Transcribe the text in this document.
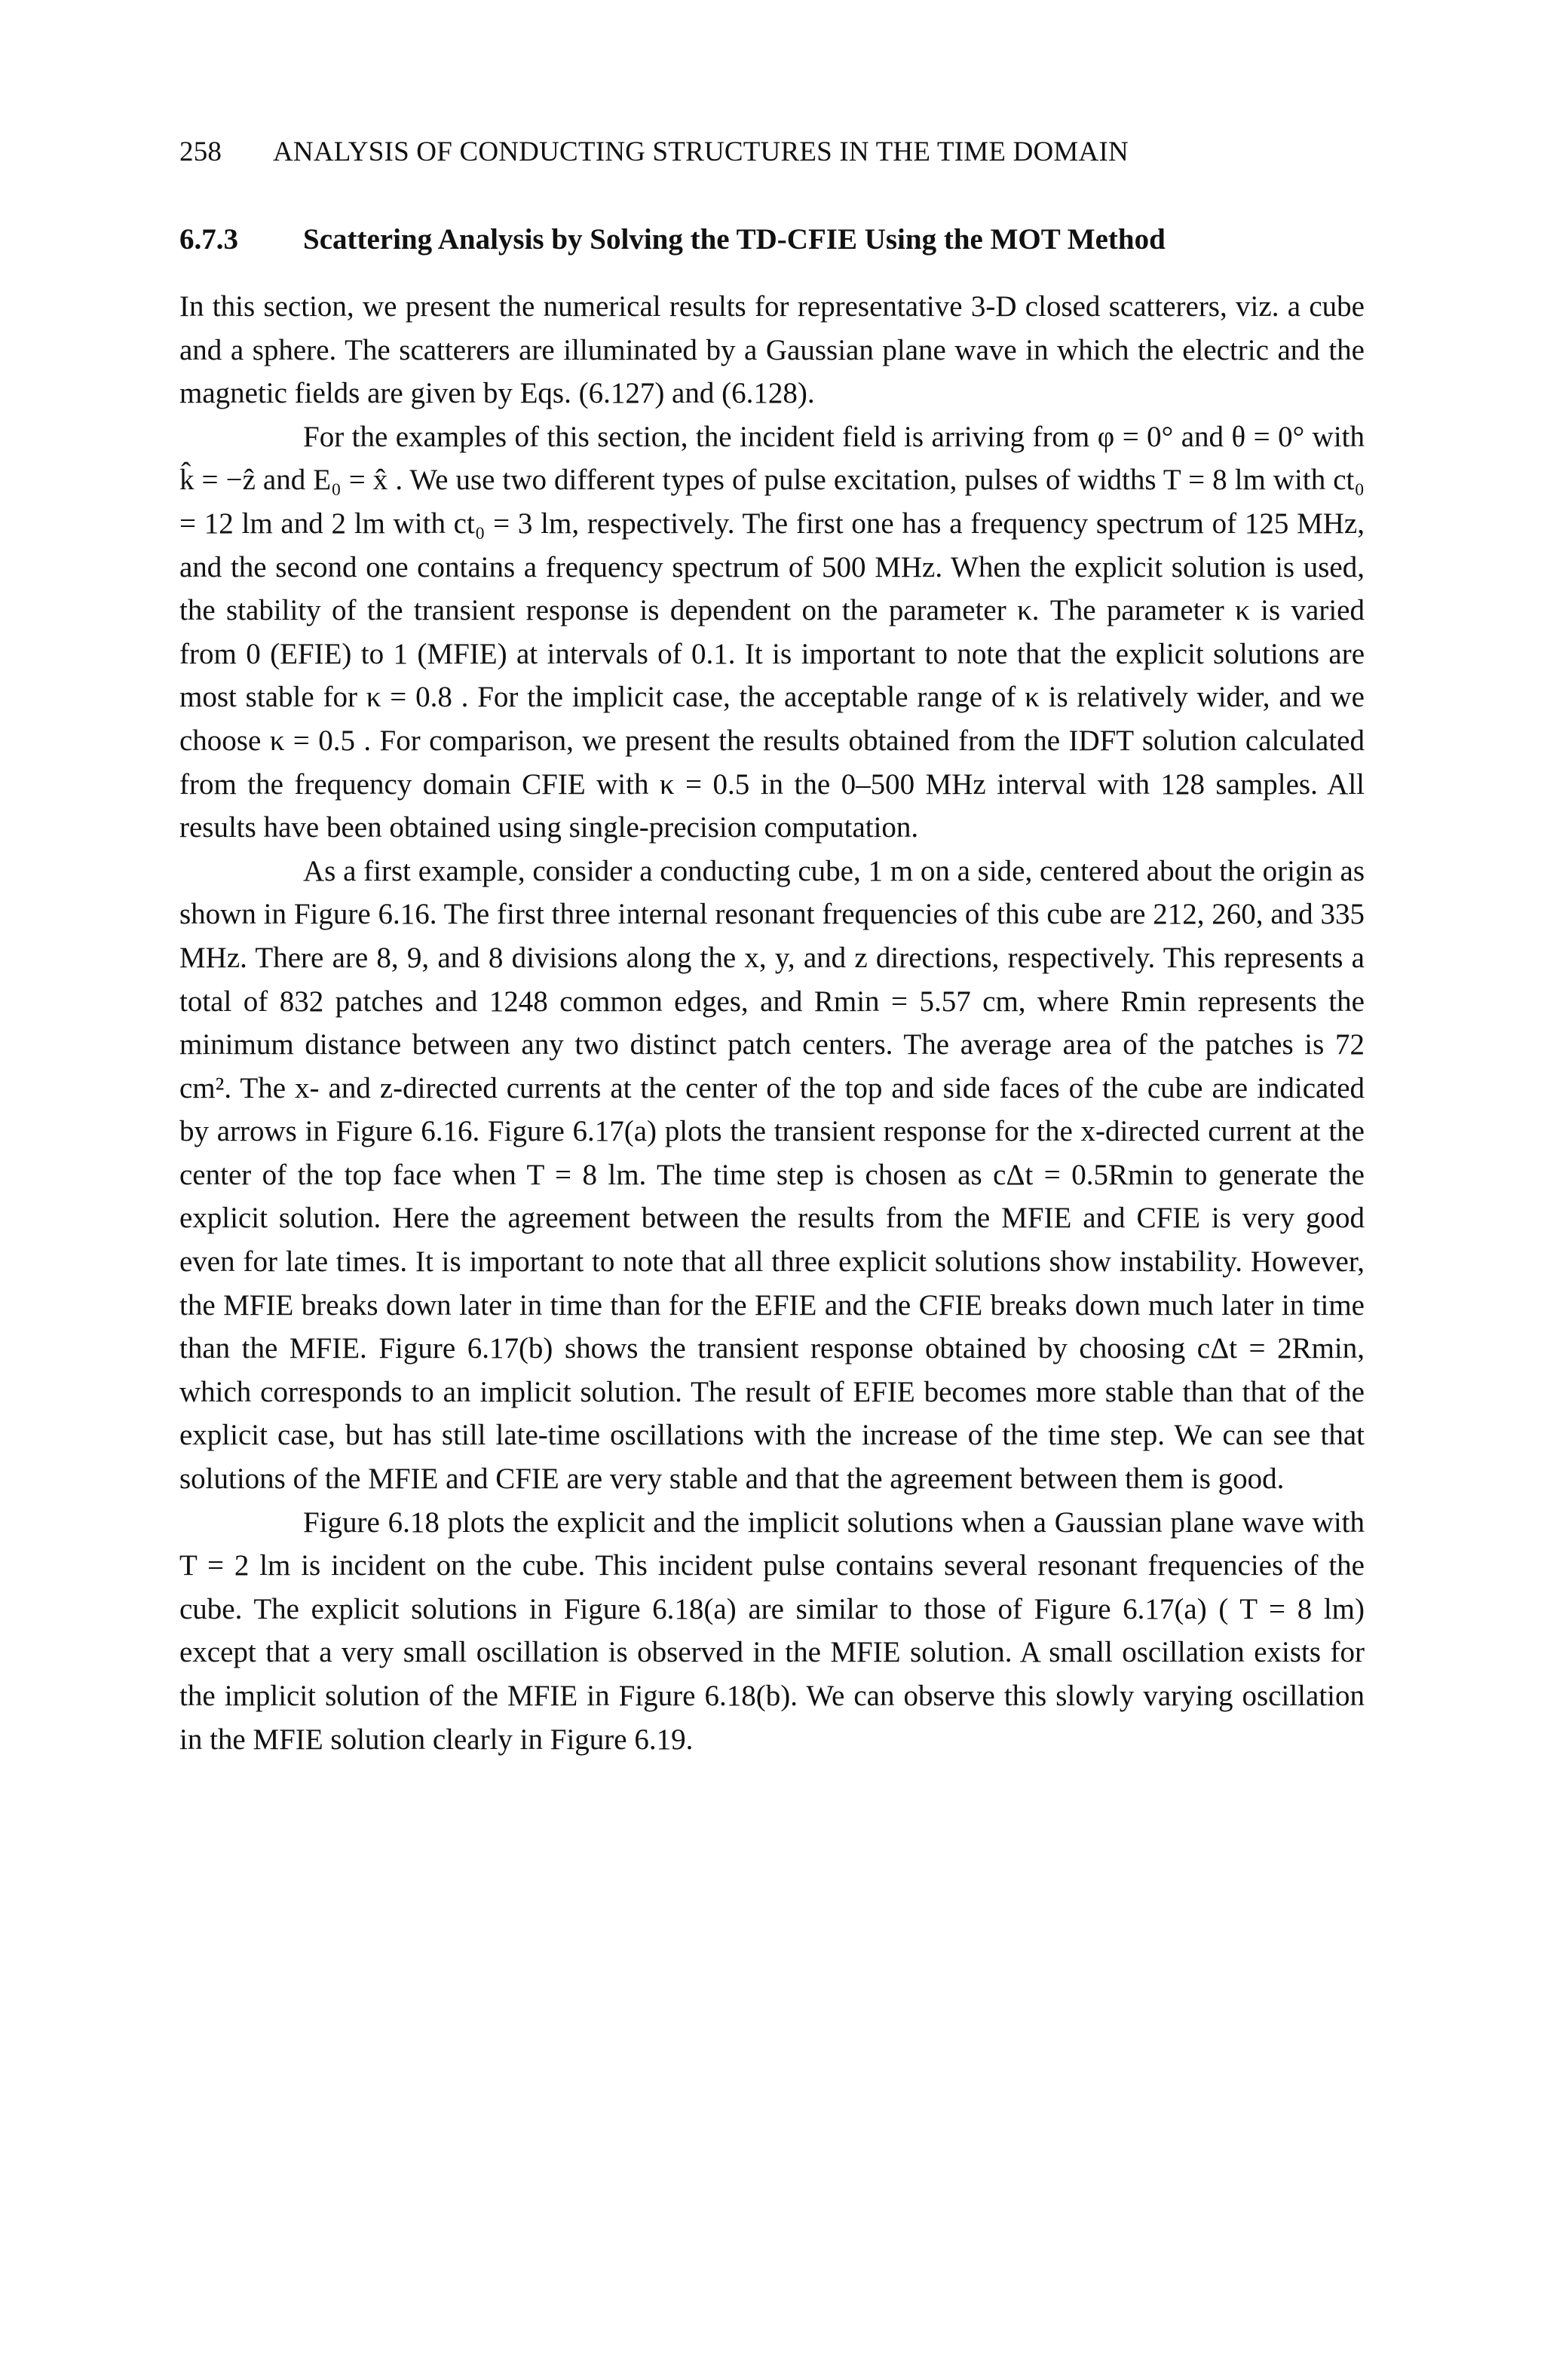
258	ANALYSIS OF CONDUCTING STRUCTURES IN THE TIME DOMAIN
6.7.3	Scattering Analysis by Solving the TD-CFIE Using the MOT Method

In this section, we present the numerical results for representative 3-D closed scatterers, viz. a cube and a sphere. The scatterers are illuminated by a Gaussian plane wave in which the electric and the magnetic fields are given by Eqs. (6.127) and (6.128).

For the examples of this section, the incident field is arriving from φ = 0° and θ = 0° with k̂ = −ẑ and E₀ = x̂ . We use two different types of pulse excitation, pulses of widths T = 8 lm with ct₀ = 12 lm and 2 lm with ct₀ = 3 lm, respectively. The first one has a frequency spectrum of 125 MHz, and the second one contains a frequency spectrum of 500 MHz. When the explicit solution is used, the stability of the transient response is dependent on the parameter κ. The parameter κ is varied from 0 (EFIE) to 1 (MFIE) at intervals of 0.1. It is important to note that the explicit solutions are most stable for κ = 0.8 . For the implicit case, the acceptable range of κ is relatively wider, and we choose κ = 0.5 . For comparison, we present the results obtained from the IDFT solution calculated from the frequency domain CFIE with κ = 0.5 in the 0–500 MHz interval with 128 samples. All results have been obtained using single-precision computation.

As a first example, consider a conducting cube, 1 m on a side, centered about the origin as shown in Figure 6.16. The first three internal resonant frequencies of this cube are 212, 260, and 335 MHz. There are 8, 9, and 8 divisions along the x, y, and z directions, respectively. This represents a total of 832 patches and 1248 common edges, and Rmin = 5.57 cm, where Rmin represents the minimum distance between any two distinct patch centers. The average area of the patches is 72 cm². The x- and z-directed currents at the center of the top and side faces of the cube are indicated by arrows in Figure 6.16. Figure 6.17(a) plots the transient response for the x-directed current at the center of the top face when T = 8 lm. The time step is chosen as cΔt = 0.5Rmin to generate the explicit solution. Here the agreement between the results from the MFIE and CFIE is very good even for late times. It is important to note that all three explicit solutions show instability. However, the MFIE breaks down later in time than for the EFIE and the CFIE breaks down much later in time than the MFIE. Figure 6.17(b) shows the transient response obtained by choosing cΔt = 2Rmin, which corresponds to an implicit solution. The result of EFIE becomes more stable than that of the explicit case, but has still late-time oscillations with the increase of the time step. We can see that solutions of the MFIE and CFIE are very stable and that the agreement between them is good.

Figure 6.18 plots the explicit and the implicit solutions when a Gaussian plane wave with T = 2 lm is incident on the cube. This incident pulse contains several resonant frequencies of the cube. The explicit solutions in Figure 6.18(a) are similar to those of Figure 6.17(a) ( T = 8 lm) except that a very small oscillation is observed in the MFIE solution. A small oscillation exists for the implicit solution of the MFIE in Figure 6.18(b). We can observe this slowly varying oscillation in the MFIE solution clearly in Figure 6.19.
